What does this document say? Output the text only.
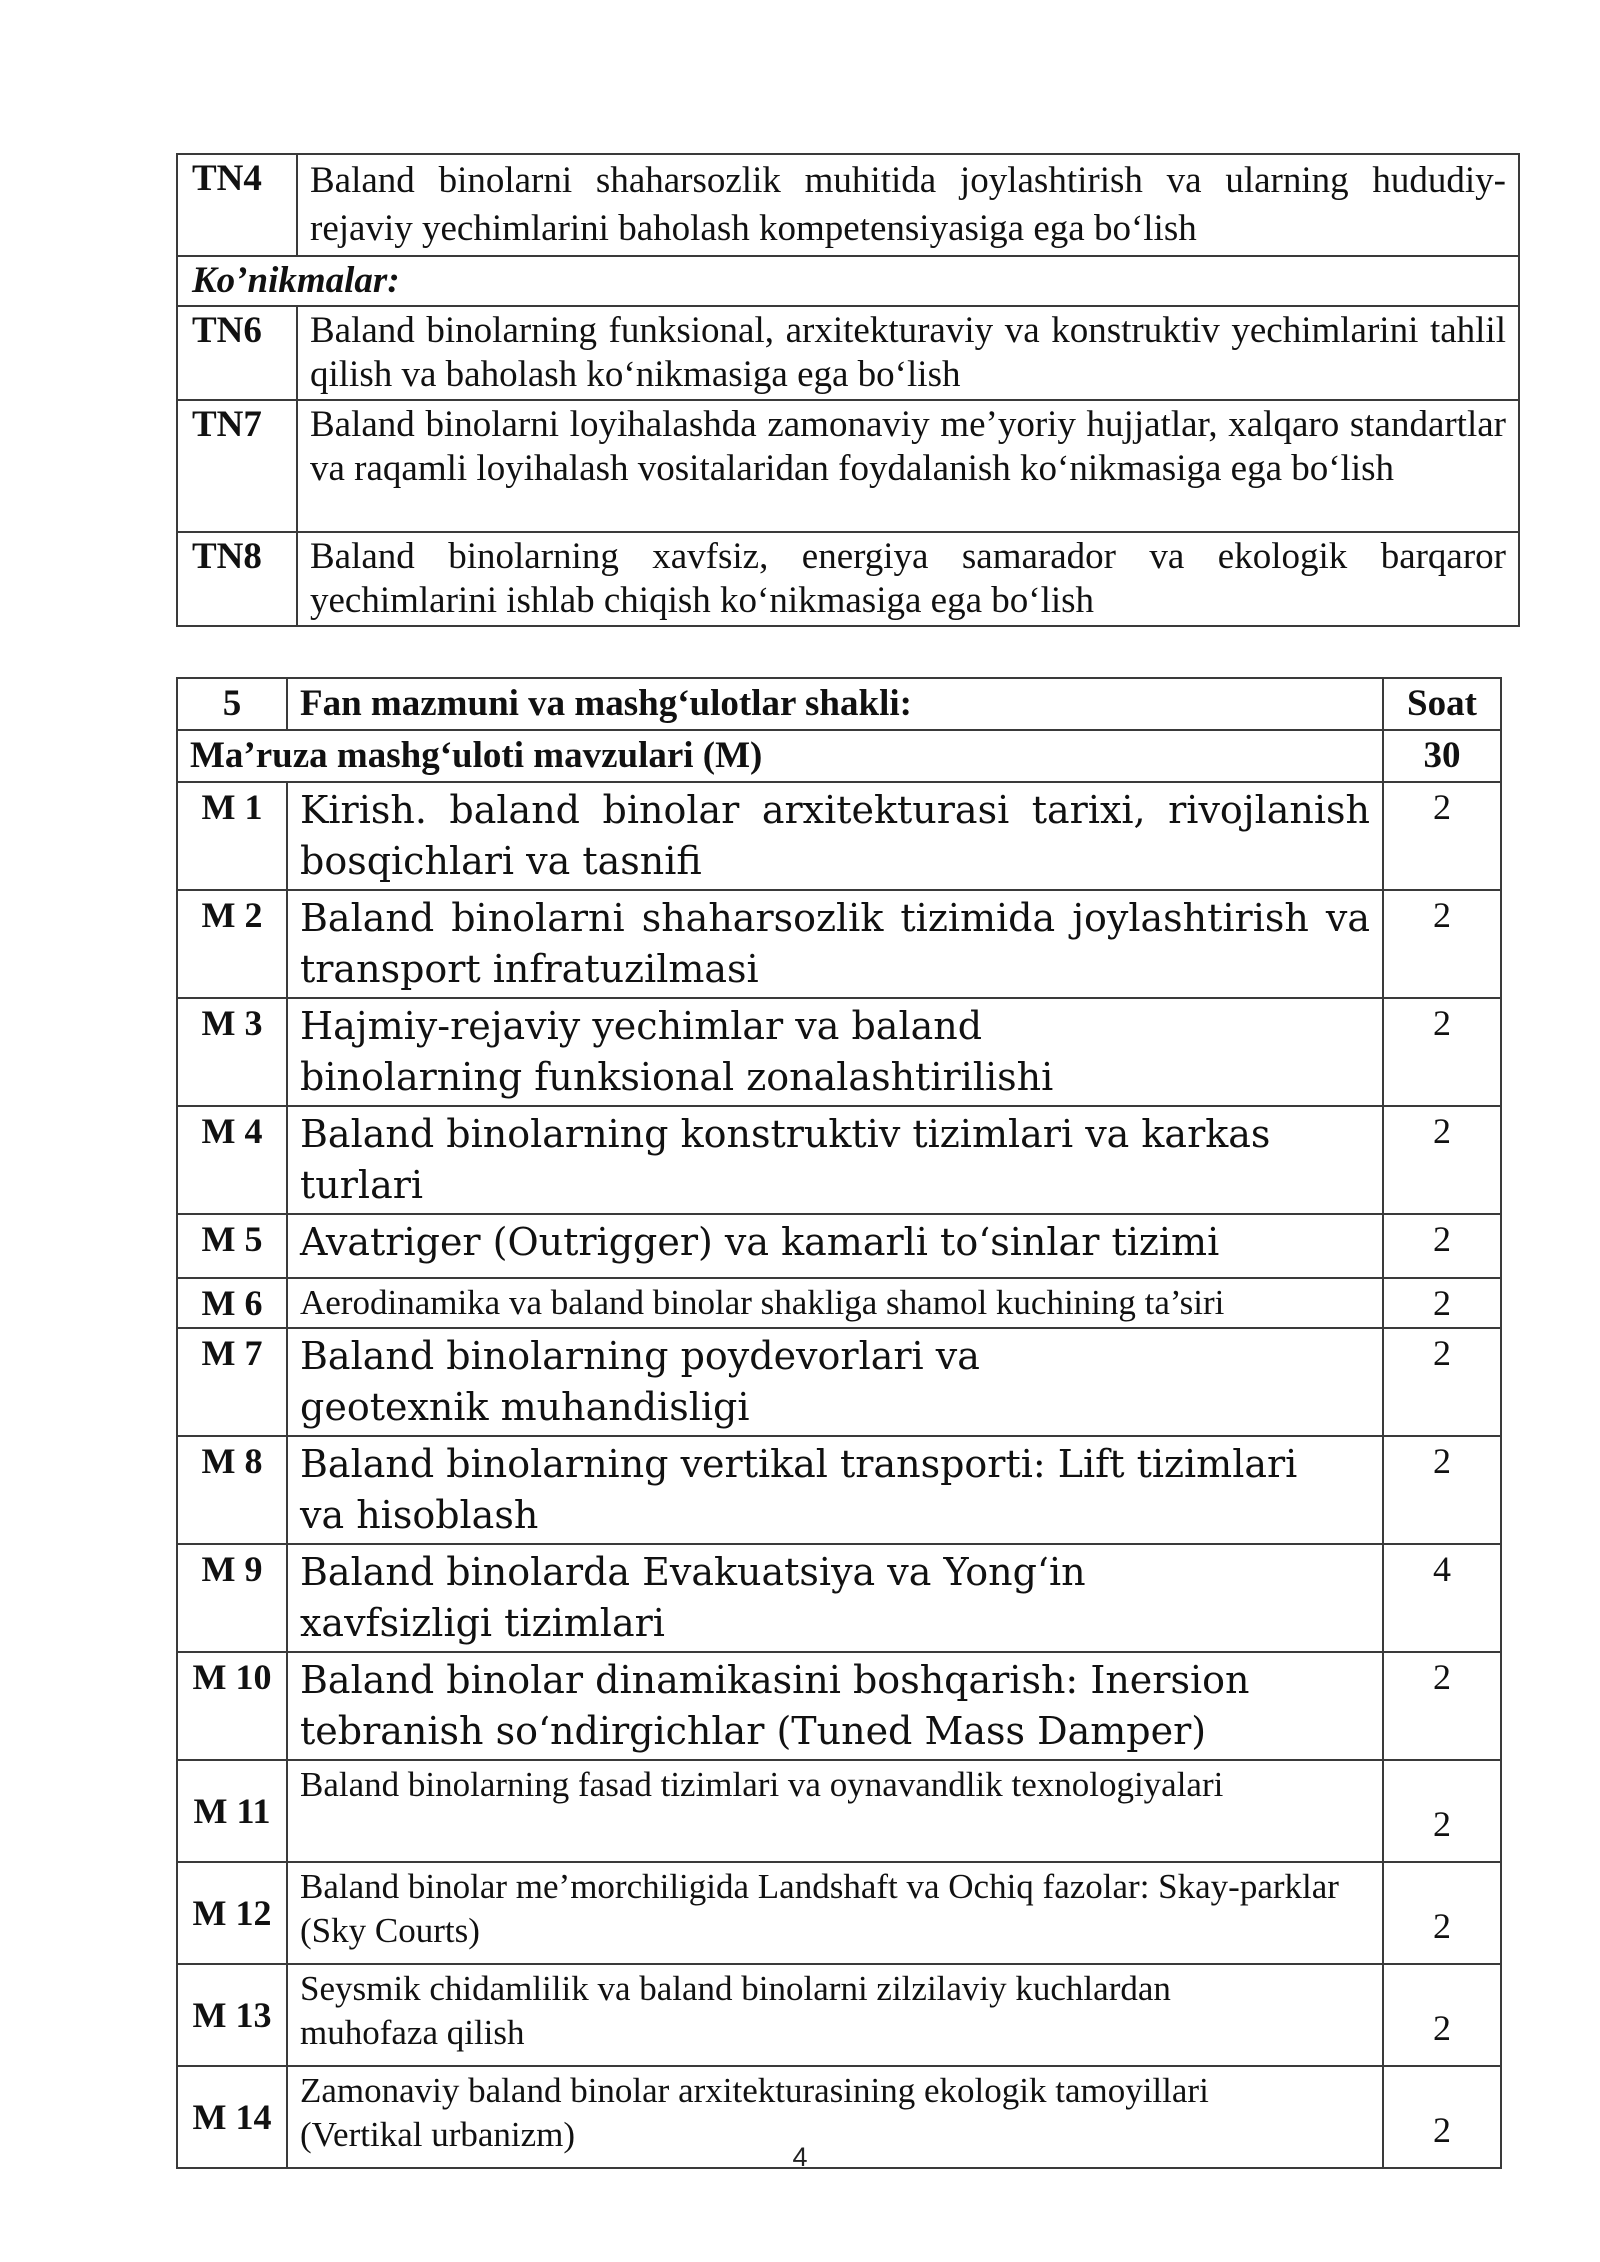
TN4	Baland binolarni shaharsozlik muhitida joylashtirish va ularning hududiy-rejaviy yechimlarini baholash kompetensiyasiga ega bo‘lish
Ko’nikmalar:	
TN6	Baland binolarning funksional, arxitekturaviy va konstruktiv yechimlarini tahlil qilish va baholash ko‘nikmasiga ega bo‘lish
TN7	Baland binolarni loyihalashda zamonaviy me’yoriy hujjatlar, xalqaro standartlar va raqamli loyihalash vositalaridan foydalanish ko‘nikmasiga ega bo‘lish
TN8	Baland binolarning xavfsiz, energiya samarador va ekologik barqaror yechimlarini ishlab chiqish ko‘nikmasiga ega bo‘lish
5	Fan mazmuni va mashg‘ulotlar shakli:	Soat
Ma’ruza mashg‘uloti mavzulari (M)		30
M 1	Kirish. baland binolar arxitekturasi tarixi, rivojlanish bosqichlari va tasnifi	2
M 2	Baland binolarni shaharsozlik tizimida joylashtirish va transport infratuzilmasi	2
M 3	Hajmiy-rejaviy yechimlar va baland binolarning funksional zonalashtirilishi	2
M 4	Baland binolarning konstruktiv tizimlari va karkas turlari	2
M 5	Avatriger (Outrigger) va kamarli to‘sinlar tizimi	2
M 6	Aerodinamika va baland binolar shakliga shamol kuchining ta’siri	2
M 7	Baland binolarning poydevorlari va geotexnik muhandisligi	2
M 8	Baland binolarning vertikal transporti: Lift tizimlari va hisoblash	2
M 9	Baland binolarda Evakuatsiya va Yong‘in xavfsizligi tizimlari	4
M 10	Baland binolar dinamikasini boshqarish: Inersion tebranish so‘ndirgichlar (Tuned Mass Damper)	2
M 11	Baland binolarning fasad tizimlari va oynavandlik texnologiyalari	2
M 12	Baland binolar me’morchiligida Landshaft va Ochiq fazolar: Skay-parklar (Sky Courts)	2
M 13	Seysmik chidamlilik va baland binolarni zilzilaviy kuchlardan muhofaza qilish	2
M 14	Zamonaviy baland binolar arxitekturasining ekologik tamoyillari (Vertikal urbanizm)	2
4
